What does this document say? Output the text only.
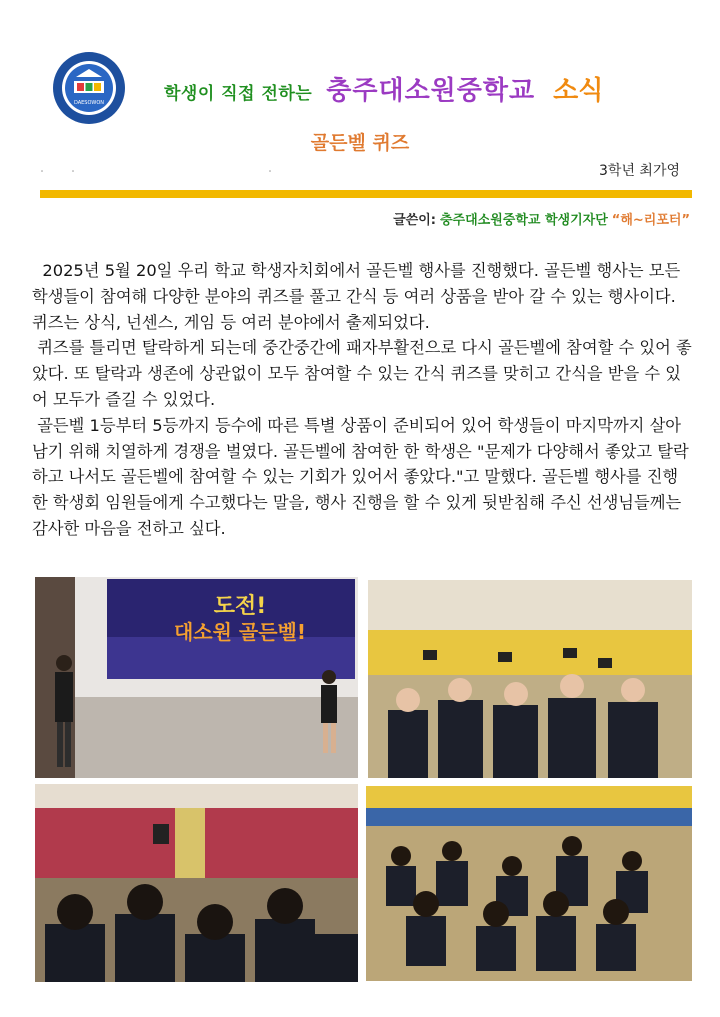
DAESOWON	학생이 직접 전하는 충주대소원중학교 소식
골든벨 퀴즈
3학년 최가영
글쓴이: 충주대소원중학교 학생기자단 “해~리포터”

2025년 5월 20일 우리 학교 학생자치회에서 골든벨 행사를 진행했다. 골든벨 행사는 모든 학생들이 참여해 다양한 분야의 퀴즈를 풀고 간식 등 여러 상품을 받아 갈 수 있는 행사이다. 퀴즈는 상식, 넌센스, 게임 등 여러 분야에서 출제되었다.

퀴즈를 틀리면 탈락하게 되는데 중간중간에 패자부활전으로 다시 골든벨에 참여할 수 있어 좋았다. 또 탈락과 생존에 상관없이 모두 참여할 수 있는 간식 퀴즈를 맞히고 간식을 받을 수 있어 모두가 즐길 수 있었다.

골든벨 1등부터 5등까지 등수에 따른 특별 상품이 준비되어 있어 학생들이 마지막까지 살아남기 위해 치열하게 경쟁을 벌였다. 골든벨에 참여한 한 학생은 "문제가 다양해서 좋았고 탈락하고 나서도 골든벨에 참여할 수 있는 기회가 있어서 좋았다."고 말했다. 골든벨 행사를 진행한 학생회 임원들에게 수고했다는 말을, 행사 진행을 할 수 있게 뒷받침해 주신 선생님들께는 감사한 마음을 전하고 싶다.

도전!
대소원 골든벨!
